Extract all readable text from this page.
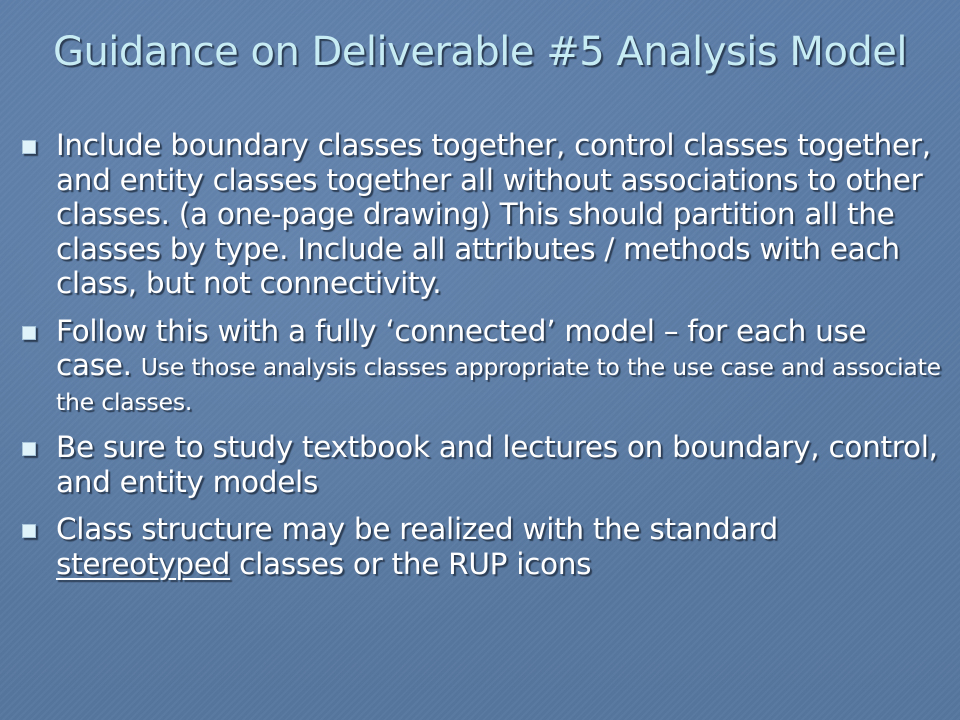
Guidance on Deliverable #5 Analysis Model
Include boundary classes together, control classes together, and entity classes together all without associations to other classes. (a one-page drawing) This should partition all the classes by type. Include all attributes / methods with each class, but not connectivity.
Follow this with a fully ‘connected’ model – for each use case. Use those analysis classes appropriate to the use case and associate the classes.
Be sure to study textbook and lectures on boundary, control, and entity models
Class structure may be realized with the standard stereotyped classes or the RUP icons
